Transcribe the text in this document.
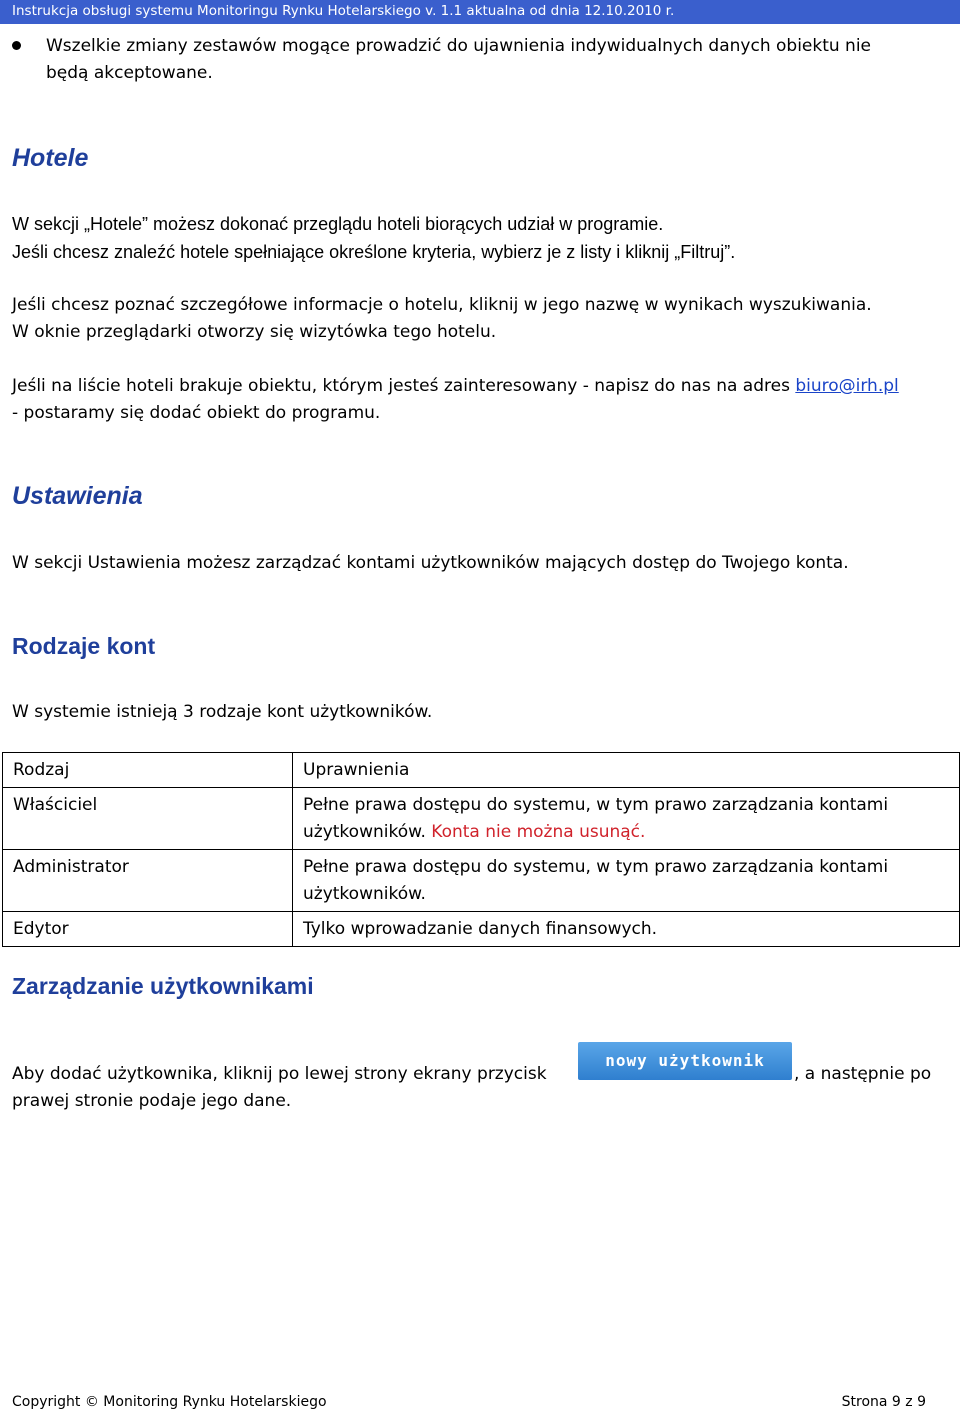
Instrukcja obsługi systemu Monitoringu Rynku Hotelarskiego v. 1.1 aktualna od dnia 12.10.2010 r.
Wszelkie zmiany zestawów mogące prowadzić do ujawnienia indywidualnych danych obiektu nie
będą akceptowane.
Hotele
W sekcji „Hotele” możesz dokonać przeglądu hoteli biorących udział w programie.
Jeśli chcesz znaleźć hotele spełniające określone kryteria, wybierz je z listy i kliknij „Filtruj”.
Jeśli chcesz poznać szczegółowe informacje o hotelu, kliknij w jego nazwę w wynikach wyszukiwania.
W oknie przeglądarki otworzy się wizytówka tego hotelu.
Jeśli na liście hoteli brakuje obiektu, którym jesteś zainteresowany - napisz do nas na adres biuro@irh.pl
- postaramy się dodać obiekt do programu.
Ustawienia
W sekcji Ustawienia możesz zarządzać kontami użytkowników mających dostęp do Twojego konta.
Rodzaje kont
W systemie istnieją 3 rodzaje kont użytkowników.
Rodzaj	Uprawnienia
Właściciel	Pełne prawa dostępu do systemu, w tym prawo zarządzania kontami użytkowników. Konta nie można usunąć.
Administrator	Pełne prawa dostępu do systemu, w tym prawo zarządzania kontami użytkowników.
Edytor	Tylko wprowadzanie danych finansowych.
Zarządzanie użytkownikami
Aby dodać użytkownika, kliknij po lewej strony ekrany przycisk
nowy użytkownik
, a następnie po
prawej stronie podaje jego dane.
Copyright © Monitoring Rynku Hotelarskiego	Strona 9 z 9
